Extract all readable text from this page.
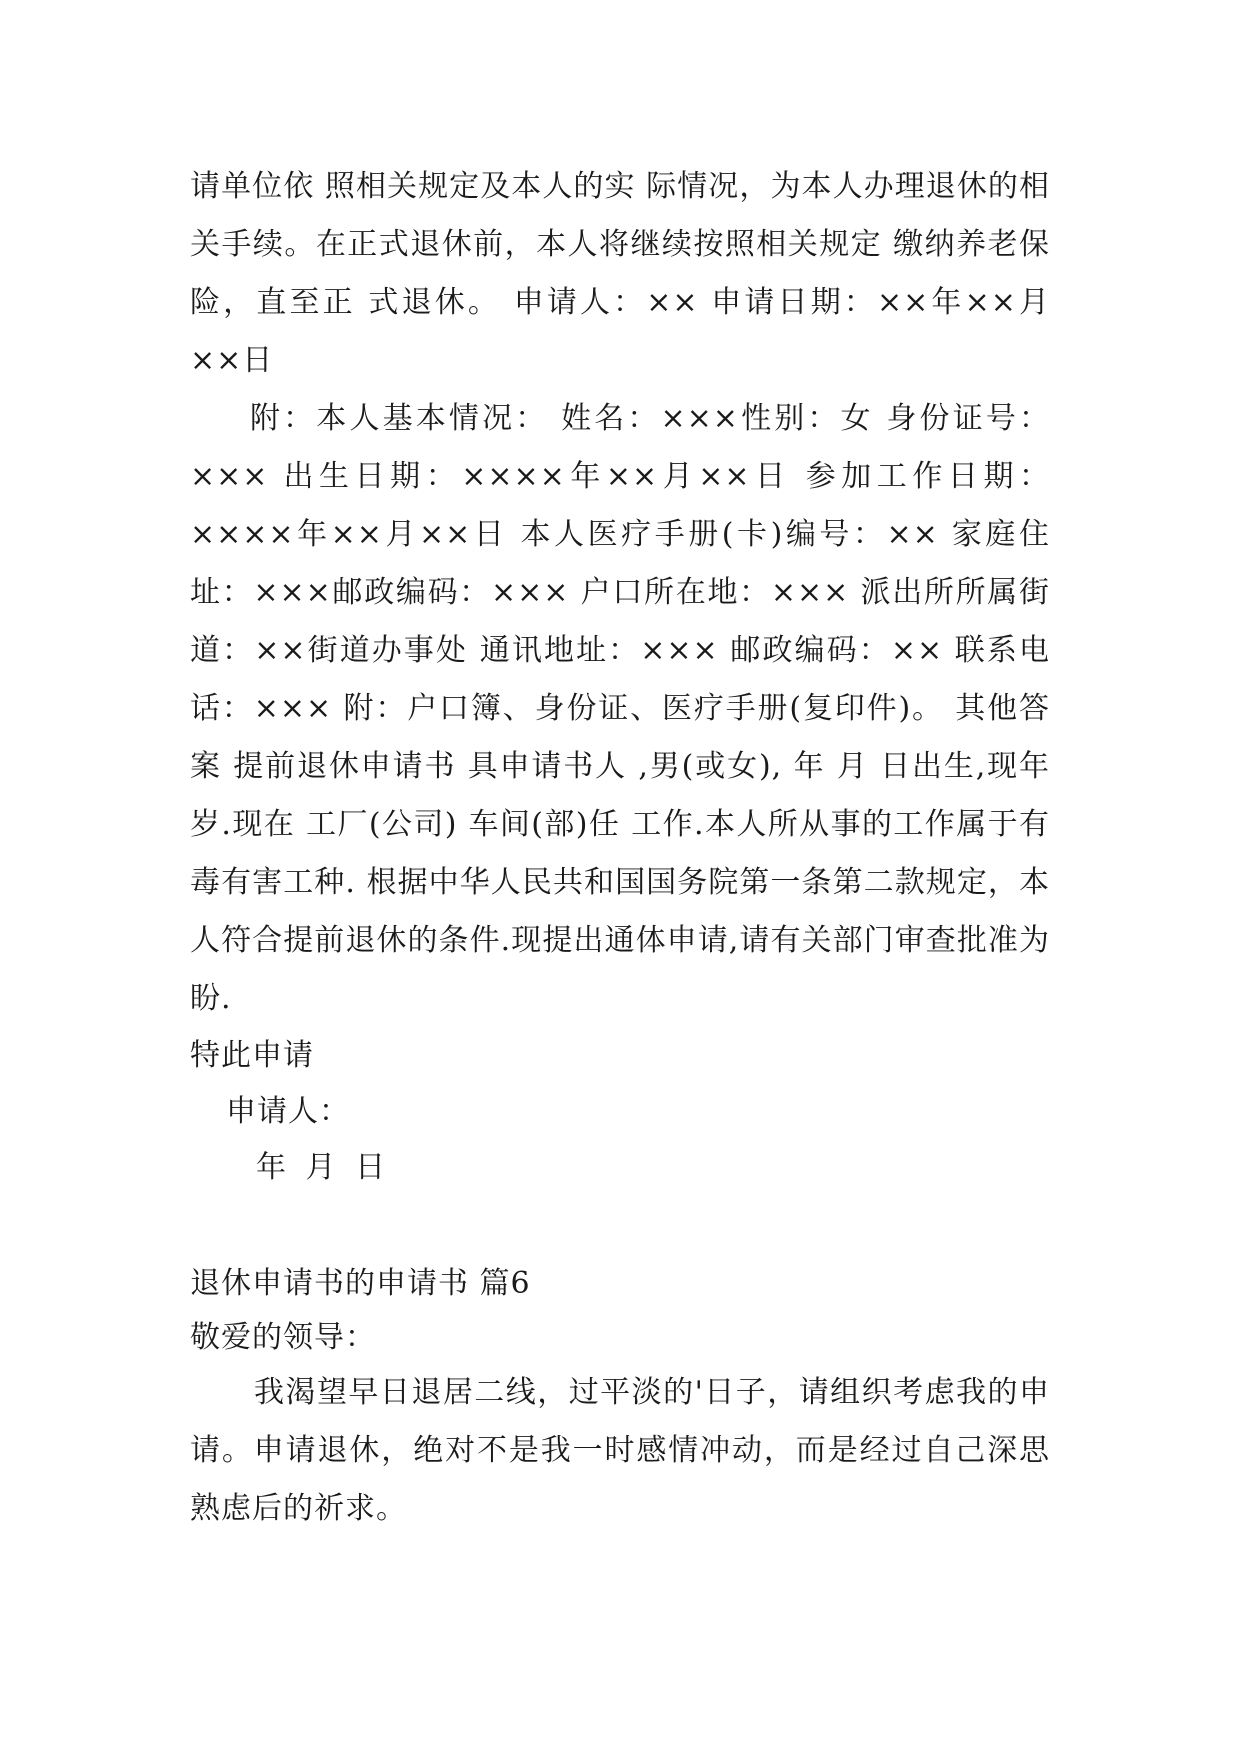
请单位依 照相关规定及本人的实 际情况，为本人办理退休的相关手续。在正式退休前，本人将继续按照相关规定 缴纳养老保险，直至正 式退休。 申请人：×× 申请日期：××年××月××日
附：本人基本情况： 姓名：×××性别：女 身份证号：××× 出生日期：××××年××月××日 参加工作日期：××××年××月××日 本人医疗手册(卡)编号：×× 家庭住址：×××邮政编码：××× 户口所在地：××× 派出所所属街道：××街道办事处 通讯地址：××× 邮政编码：×× 联系电话：××× 附：户口簿、身份证、医疗手册(复印件)。 其他答案 提前退休申请书 具申请书人 ,男(或女), 年 月 日出生,现年 岁.现在 工厂(公司) 车间(部)任 工作.本人所从事的工作属于有毒有害工种. 根据中华人民共和国国务院第一条第二款规定，本人符合提前退休的条件.现提出通体申请,请有关部门审查批准为盼.
特此申请
申请人：
年 月 日
退休申请书的申请书 篇6
敬爱的领导：
我渴望早日退居二线，过平淡的'日子，请组织考虑我的申请。申请退休，绝对不是我一时感情冲动，而是经过自己深思熟虑后的祈求。
